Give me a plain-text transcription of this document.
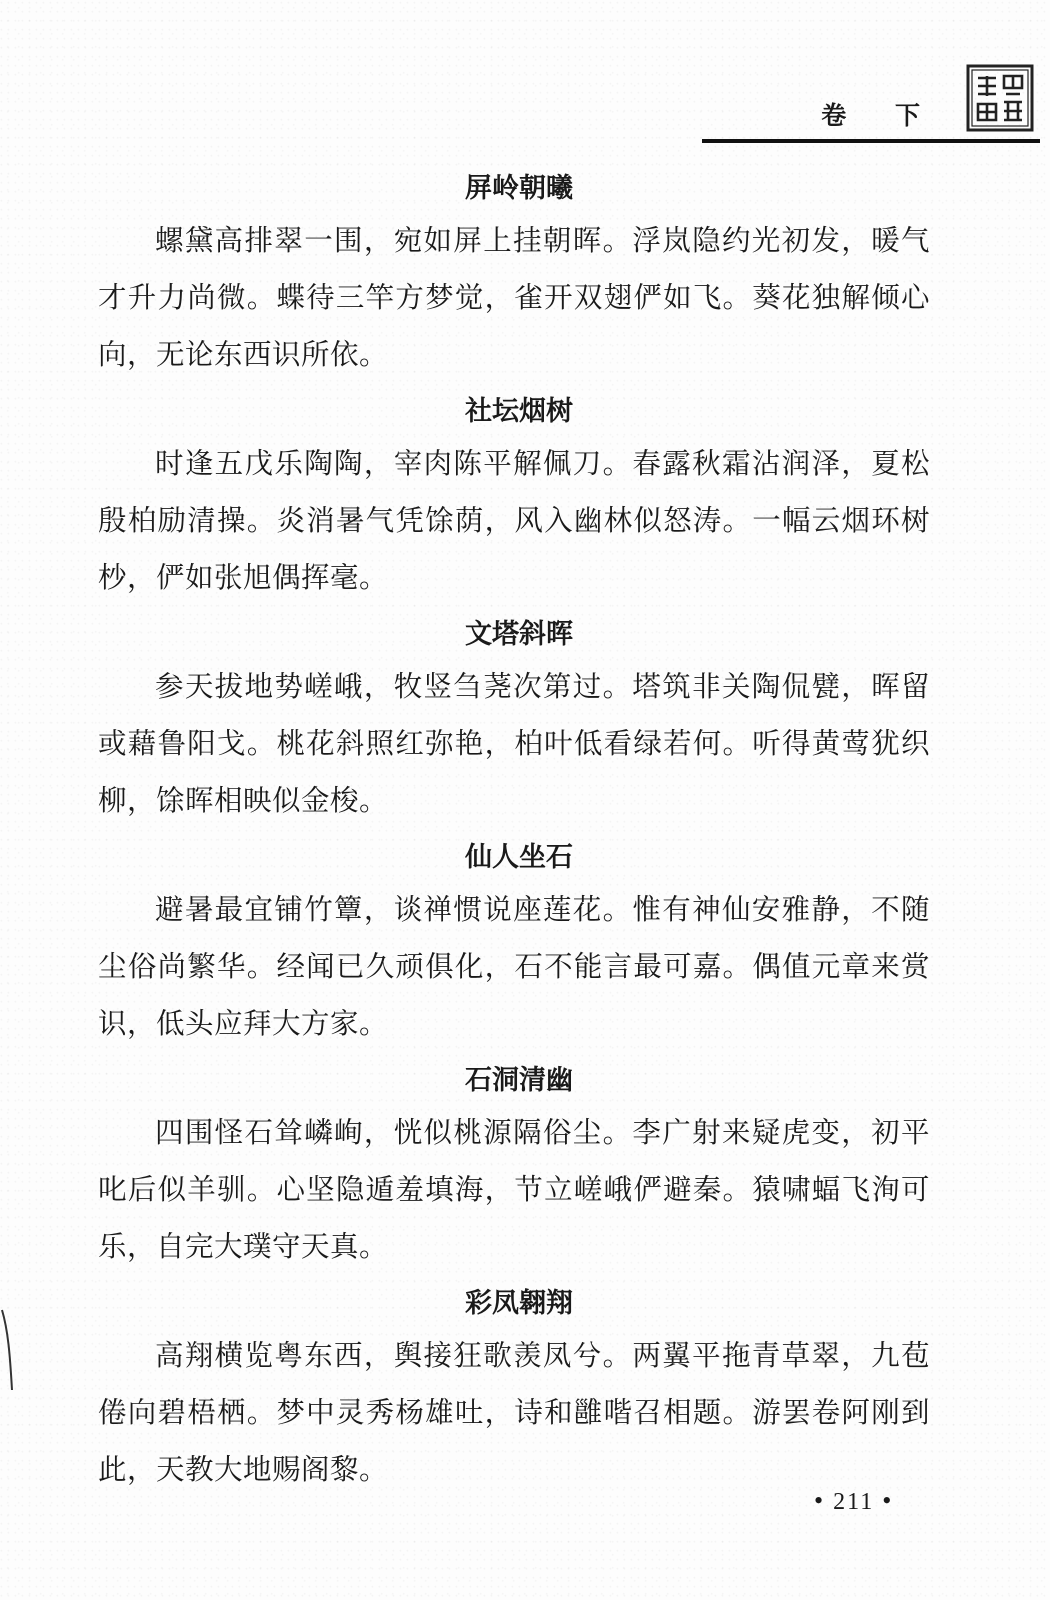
卷 下
屏岭朝曦

螺黛高排翠一围，宛如屏上挂朝晖。浮岚隐约光初发，暖气才升力尚微。蝶待三竿方梦觉，雀开双翅俨如飞。葵花独解倾心向，无论东西识所依。

社坛烟树

时逢五戊乐陶陶，宰肉陈平解佩刀。春露秋霜沾润泽，夏松殷柏励清操。炎消暑气凭馀荫，风入幽林似怒涛。一幅云烟环树杪，俨如张旭偶挥毫。

文塔斜晖

参天拔地势嵯峨，牧竖刍荛次第过。塔筑非关陶侃甓，晖留或藉鲁阳戈。桃花斜照红弥艳，柏叶低看绿若何。听得黄莺犹织柳，馀晖相映似金梭。

仙人坐石

避暑最宜铺竹簟，谈禅惯说座莲花。惟有神仙安雅静，不随尘俗尚繁华。经闻已久顽俱化，石不能言最可嘉。偶值元章来赏识，低头应拜大方家。

石洞清幽

四围怪石耸嶙峋，恍似桃源隔俗尘。李广射来疑虎变，初平叱后似羊驯。心坚隐遁羞填海，节立嵯峨俨避秦。猿啸蝠飞洵可乐，自完大璞守天真。

彩凤翱翔

高翔横览粤东西，舆接狂歌羡凤兮。两翼平拖青草翠，九苞倦向碧梧栖。梦中灵秀杨雄吐，诗和雝喈召相题。游罢卷阿刚到此，天教大地赐阁黎。

• 211 •
